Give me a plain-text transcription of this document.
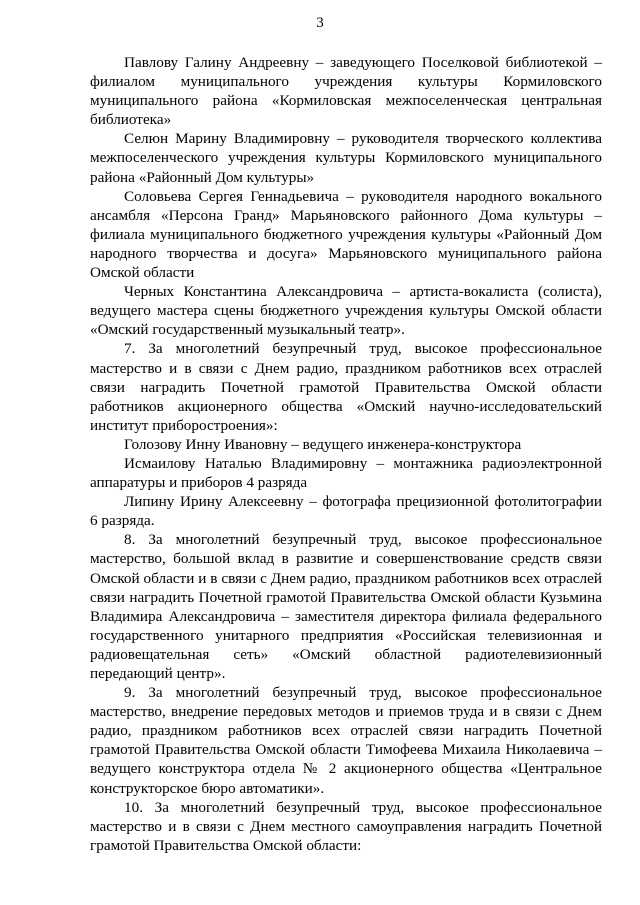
3

Павлову Галину Андреевну – заведующего Поселковой библиотекой – филиалом муниципального учреждения культуры Кормиловского муниципального района «Кормиловская межпоселенческая центральная библиотека»

Селюн Марину Владимировну – руководителя творческого коллектива межпоселенческого учреждения культуры Кормиловского муниципального района «Районный Дом культуры»

Соловьева Сергея Геннадьевича – руководителя народного вокального ансамбля «Персона Гранд» Марьяновского районного Дома культуры – филиала муниципального бюджетного учреждения культуры «Районный Дом народного творчества и досуга» Марьяновского муниципального района Омской области

Черных Константина Александровича – артиста-вокалиста (солиста), ведущего мастера сцены бюджетного учреждения культуры Омской области «Омский государственный музыкальный театр».

7. За многолетний безупречный труд, высокое профессиональное мастерство и в связи с Днем радио, праздником работников всех отраслей связи наградить Почетной грамотой Правительства Омской области работников акционерного общества «Омский научно-исследовательский институт приборостроения»:

Голозову Инну Ивановну – ведущего инженера-конструктора

Исмаилову Наталью Владимировну – монтажника радиоэлектронной аппаратуры и приборов 4 разряда

Липину Ирину Алексеевну – фотографа прецизионной фотолитографии 6 разряда.

8. За многолетний безупречный труд, высокое профессиональное мастерство, большой вклад в развитие и совершенствование средств связи Омской области и в связи с Днем радио, праздником работников всех отраслей связи наградить Почетной грамотой Правительства Омской области Кузьмина Владимира Александровича – заместителя директора филиала федерального государственного унитарного предприятия «Российская телевизионная и радиовещательная сеть» «Омский областной радиотелевизионный передающий центр».

9. За многолетний безупречный труд, высокое профессиональное мастерство, внедрение передовых методов и приемов труда и в связи с Днем радио, праздником работников всех отраслей связи наградить Почетной грамотой Правительства Омской области Тимофеева Михаила Николаевича – ведущего конструктора отдела № 2 акционерного общества «Центральное конструкторское бюро автоматики».

10. За многолетний безупречный труд, высокое профессиональное мастерство и в связи с Днем местного самоуправления наградить Почетной грамотой Правительства Омской области:
